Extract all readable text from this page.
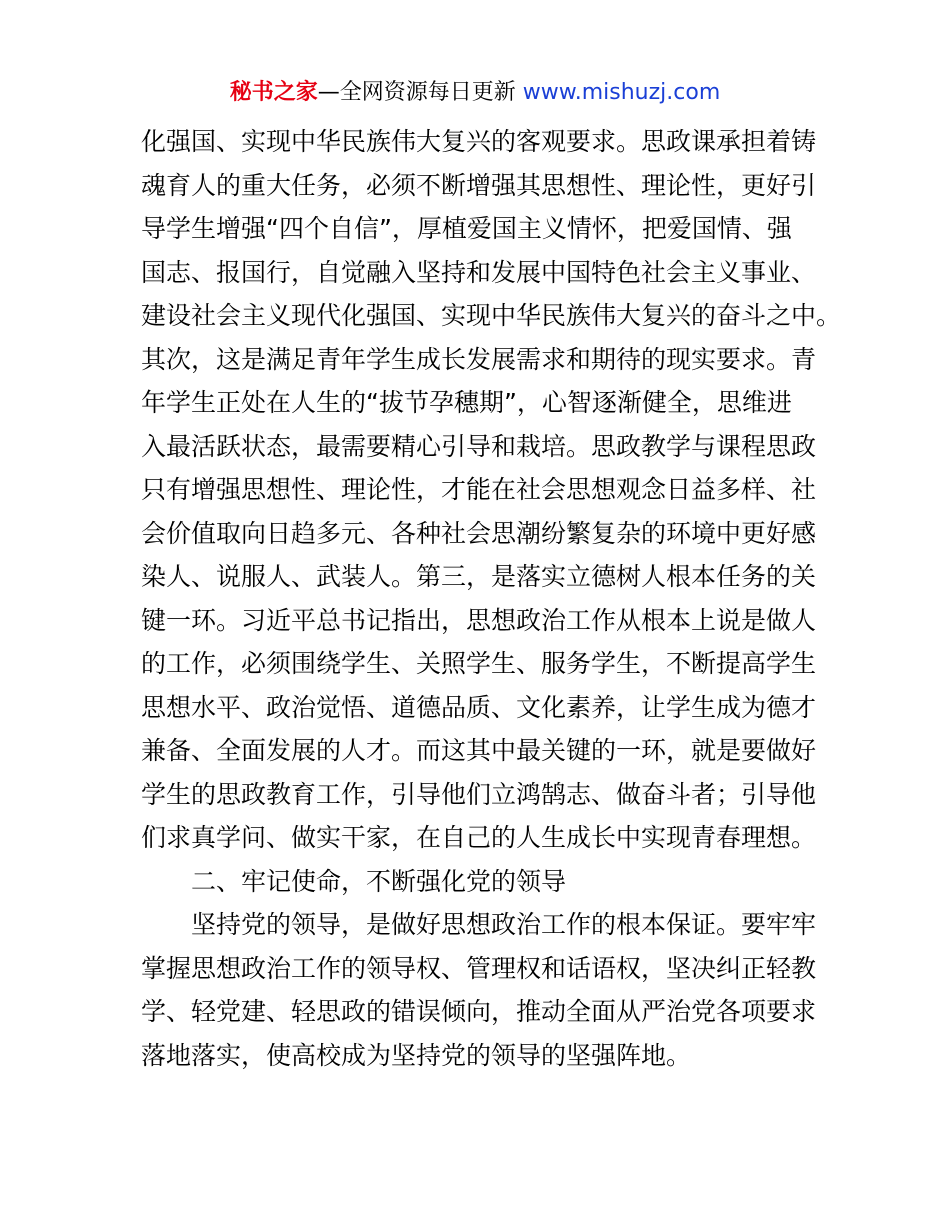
秘书之家—全网资源每日更新 www.mishuzj.com
化强国、实现中华民族伟大复兴的客观要求。思政课承担着铸
魂育人的重大任务，必须不断增强其思想性、理论性，更好引
导学生增强“四个自信”，厚植爱国主义情怀，把爱国情、强
国志、报国行，自觉融入坚持和发展中国特色社会主义事业、
建设社会主义现代化强国、实现中华民族伟大复兴的奋斗之中。
其次，这是满足青年学生成长发展需求和期待的现实要求。青
年学生正处在人生的“拔节孕穗期”，心智逐渐健全，思维进
入最活跃状态，最需要精心引导和栽培。思政教学与课程思政
只有增强思想性、理论性，才能在社会思想观念日益多样、社
会价值取向日趋多元、各种社会思潮纷繁复杂的环境中更好感
染人、说服人、武装人。第三，是落实立德树人根本任务的关
键一环。习近平总书记指出，思想政治工作从根本上说是做人
的工作，必须围绕学生、关照学生、服务学生，不断提高学生
思想水平、政治觉悟、道德品质、文化素养，让学生成为德才
兼备、全面发展的人才。而这其中最关键的一环，就是要做好
学生的思政教育工作，引导他们立鸿鹄志、做奋斗者；引导他
们求真学问、做实干家，在自己的人生成长中实现青春理想。
二、牢记使命，不断强化党的领导
坚持党的领导，是做好思想政治工作的根本保证。要牢牢
掌握思想政治工作的领导权、管理权和话语权，坚决纠正轻教
学、轻党建、轻思政的错误倾向，推动全面从严治党各项要求
落地落实，使高校成为坚持党的领导的坚强阵地。
